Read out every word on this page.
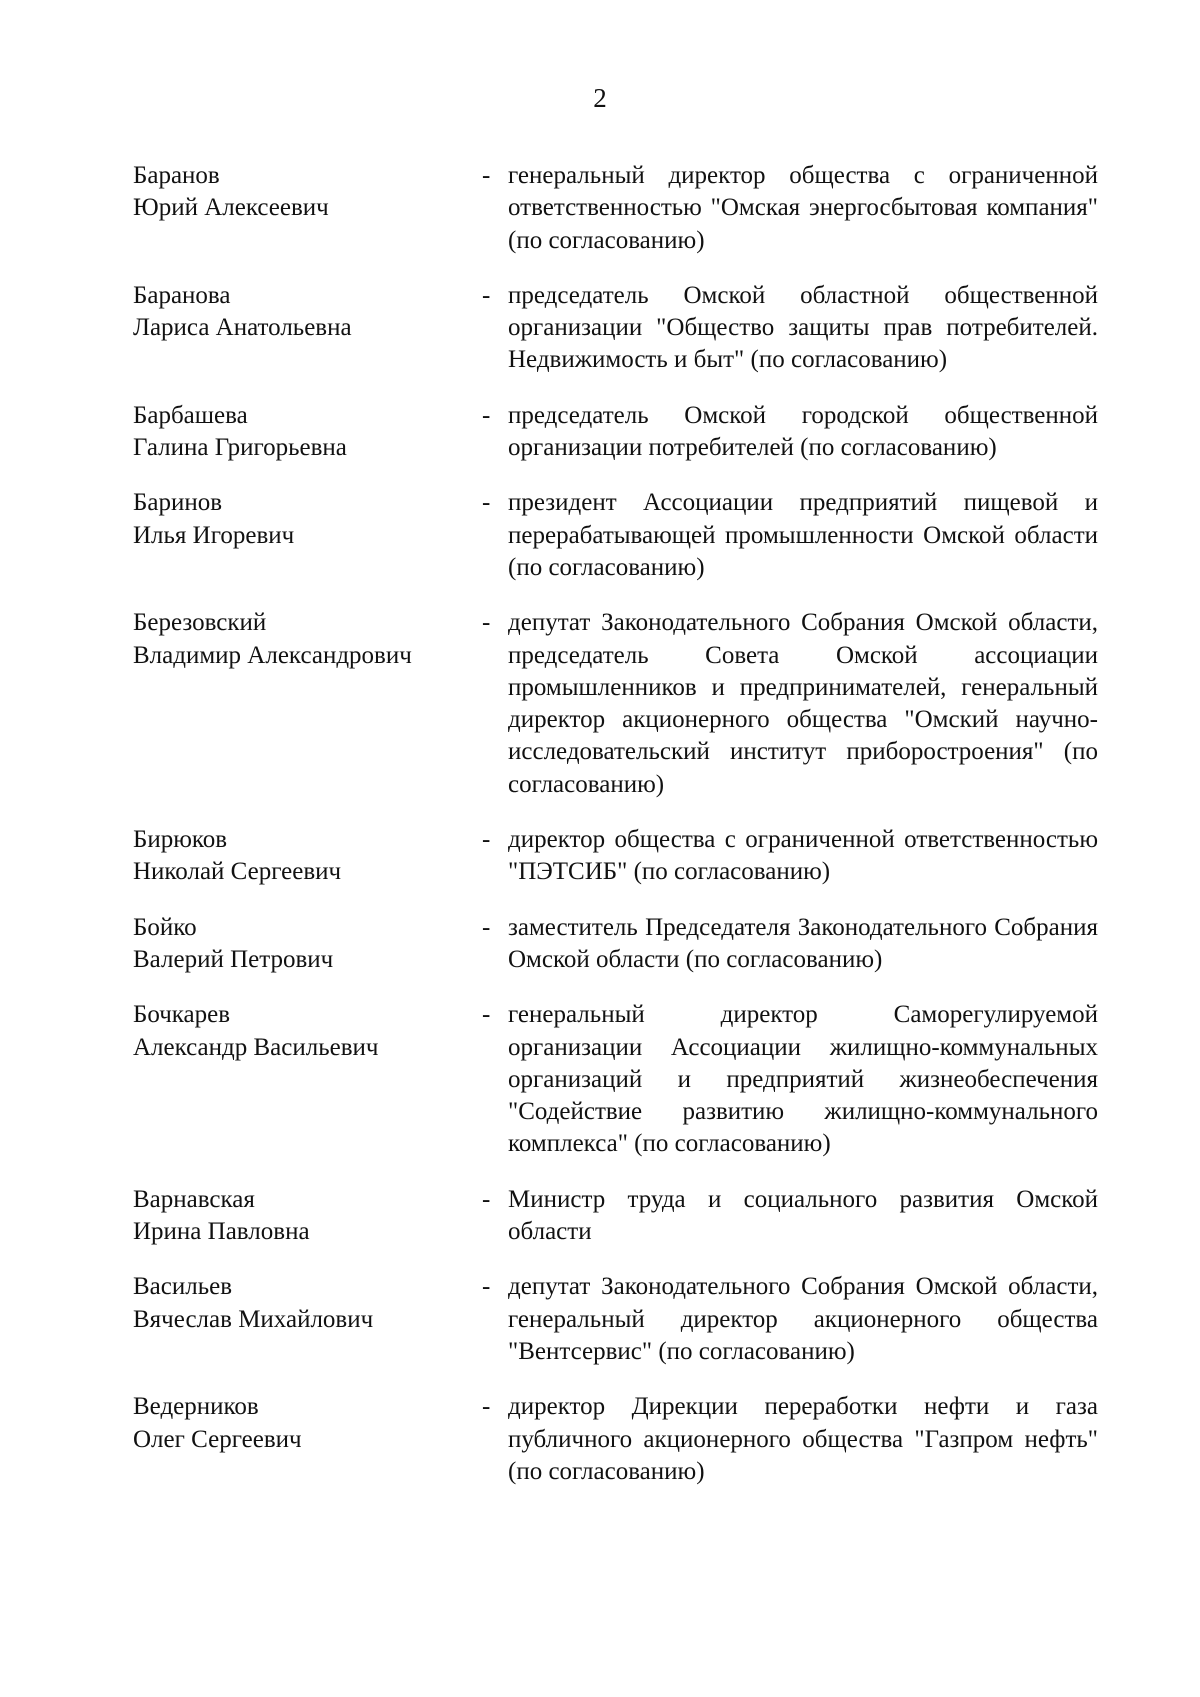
2
Баранов
Юрий Алексеевич
- генеральный директор общества с ограниченной ответственностью "Омская энергосбытовая компания" (по согласованию)
Баранова
Лариса Анатольевна
- председатель Омской областной общественной организации "Общество защиты прав потребителей. Недвижимость и быт" (по согласованию)
Барбашева
Галина Григорьевна
- председатель Омской городской общественной организации потребителей (по согласованию)
Баринов
Илья Игоревич
- президент Ассоциации предприятий пищевой и перерабатывающей промышленности Омской области (по согласованию)
Березовский
Владимир Александрович
- депутат Законодательного Собрания Омской области, председатель Совета Омской ассоциации промышленников и предпринимателей, генеральный директор акционерного общества "Омский научно-исследовательский институт приборостроения" (по согласованию)
Бирюков
Николай Сергеевич
- директор общества с ограниченной ответственностью "ПЭТСИБ" (по согласованию)
Бойко
Валерий Петрович
- заместитель Председателя Законодательного Собрания Омской области (по согласованию)
Бочкарев
Александр Васильевич
- генеральный директор Саморегулируемой организации Ассоциации жилищно-коммунальных организаций и предприятий жизнеобеспечения "Содействие развитию жилищно-коммунального комплекса" (по согласованию)
Варнавская
Ирина Павловна
- Министр труда и социального развития Омской области
Васильев
Вячеслав Михайлович
- депутат Законодательного Собрания Омской области, генеральный директор акционерного общества "Вентсервис" (по согласованию)
Ведерников
Олег Сергеевич
- директор Дирекции переработки нефти и газа публичного акционерного общества "Газпром нефть" (по согласованию)
